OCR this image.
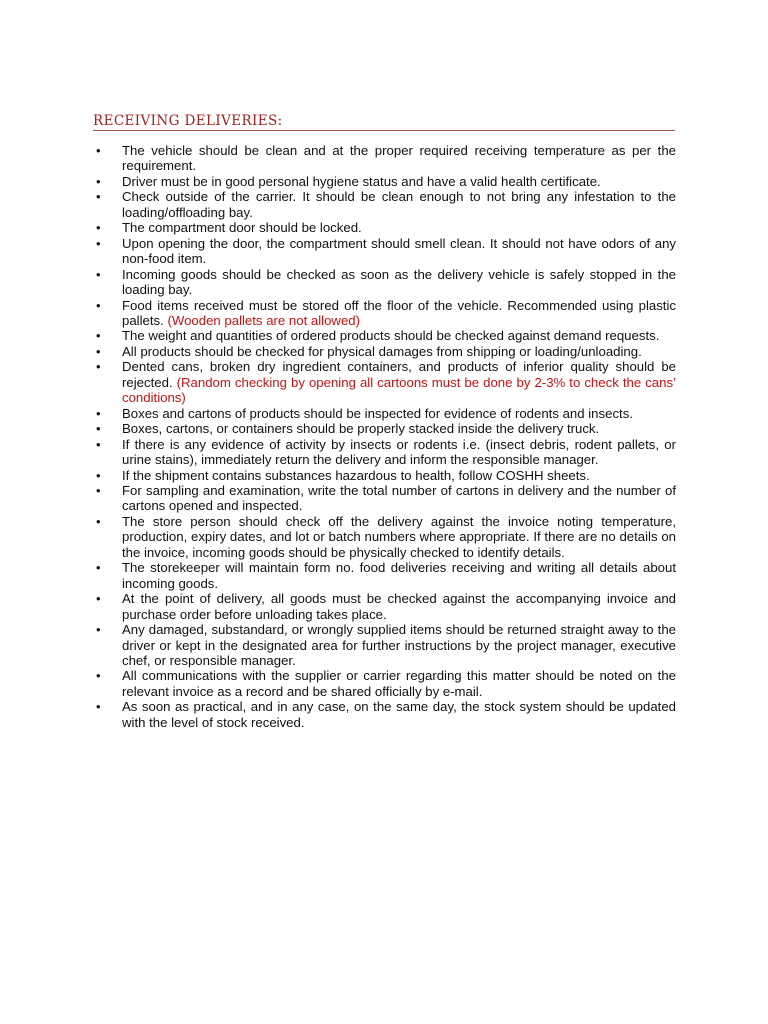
RECEIVING DELIVERIES:
• The vehicle should be clean and at the proper required receiving temperature as per the requirement.
• Driver must be in good personal hygiene status and have a valid health certificate.
• Check outside of the carrier. It should be clean enough to not bring any infestation to the loading/offloading bay.
• The compartment door should be locked.
• Upon opening the door, the compartment should smell clean. It should not have odors of any non-food item.
• Incoming goods should be checked as soon as the delivery vehicle is safely stopped in the loading bay.
• Food items received must be stored off the floor of the vehicle. Recommended using plastic pallets. (Wooden pallets are not allowed)
• The weight and quantities of ordered products should be checked against demand requests.
• All products should be checked for physical damages from shipping or loading/unloading.
• Dented cans, broken dry ingredient containers, and products of inferior quality should be rejected. (Random checking by opening all cartoons must be done by 2-3% to check the cans’ conditions)
• Boxes and cartons of products should be inspected for evidence of rodents and insects.
• Boxes, cartons, or containers should be properly stacked inside the delivery truck.
• If there is any evidence of activity by insects or rodents i.e. (insect debris, rodent pallets, or urine stains), immediately return the delivery and inform the responsible manager.
• If the shipment contains substances hazardous to health, follow COSHH sheets.
• For sampling and examination, write the total number of cartons in delivery and the number of cartons opened and inspected.
• The store person should check off the delivery against the invoice noting temperature, production, expiry dates, and lot or batch numbers where appropriate. If there are no details on the invoice, incoming goods should be physically checked to identify details.
• The storekeeper will maintain form no. food deliveries receiving and writing all details about incoming goods.
• At the point of delivery, all goods must be checked against the accompanying invoice and purchase order before unloading takes place.
• Any damaged, substandard, or wrongly supplied items should be returned straight away to the driver or kept in the designated area for further instructions by the project manager, executive chef, or responsible manager.
• All communications with the supplier or carrier regarding this matter should be noted on the relevant invoice as a record and be shared officially by e-mail.
• As soon as practical, and in any case, on the same day, the stock system should be updated with the level of stock received.
